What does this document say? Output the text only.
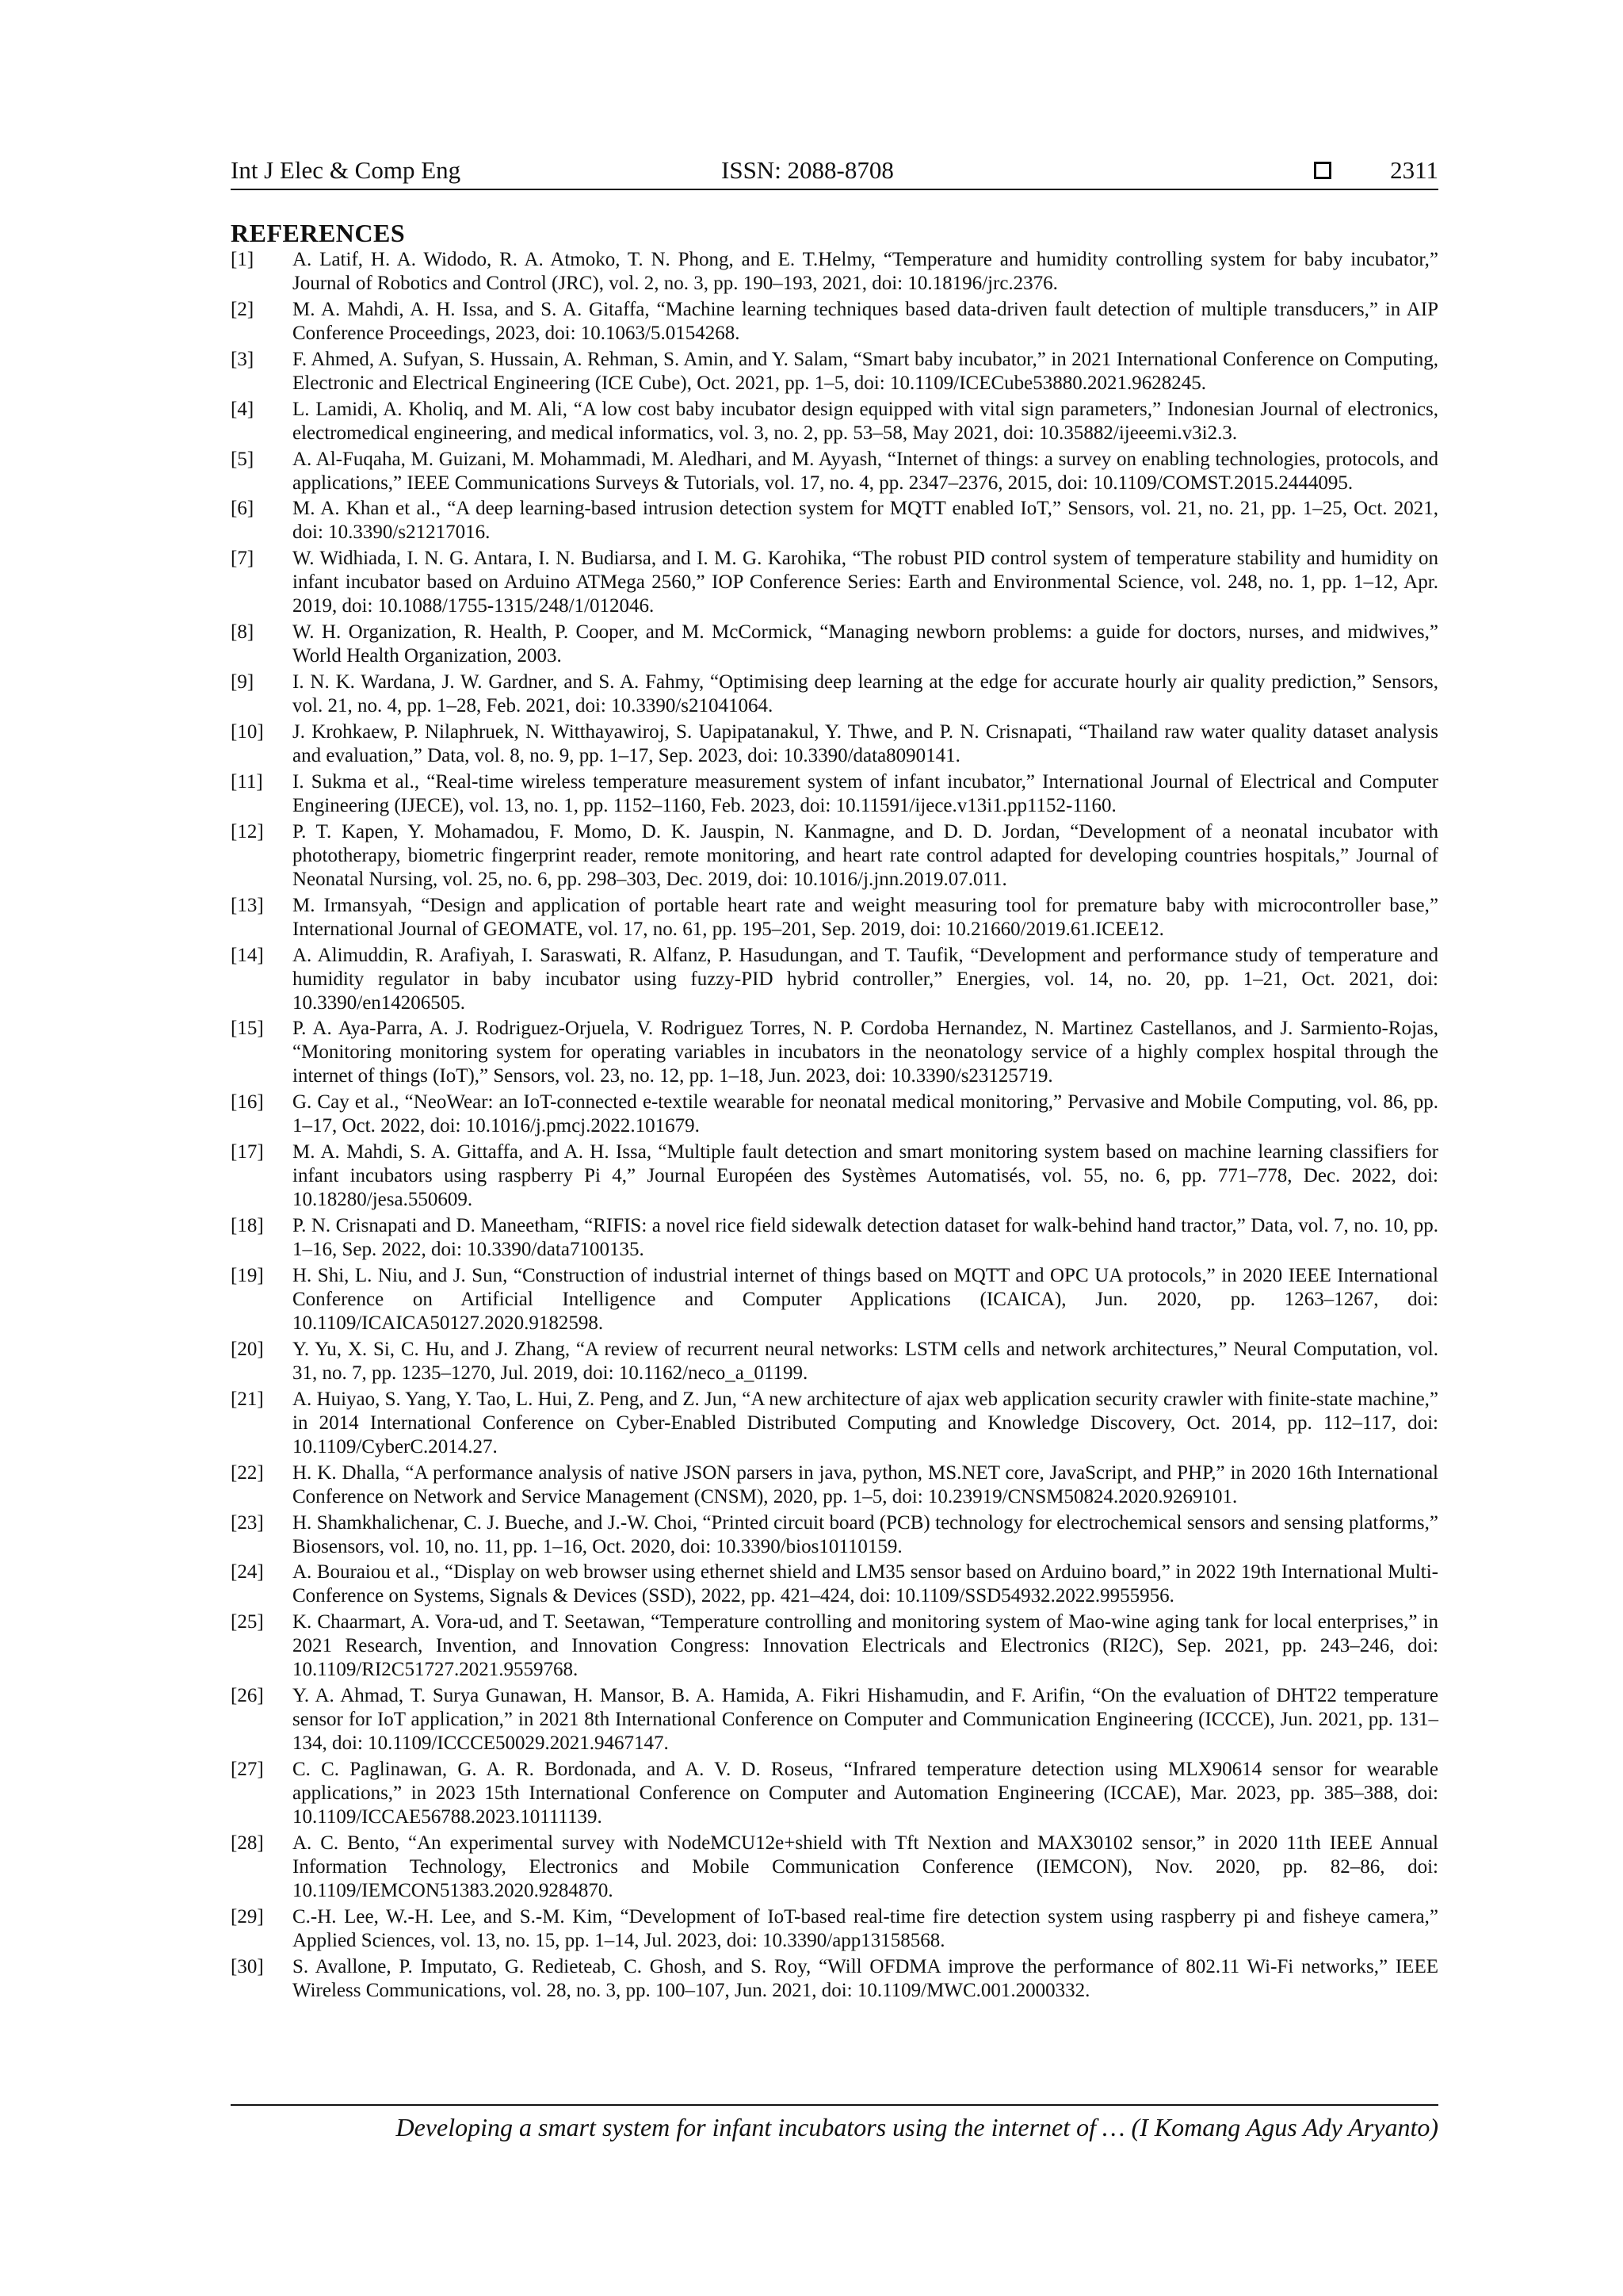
Int J Elec & Comp Eng	ISSN: 2088-8708	2311
REFERENCES
[1] A. Latif, H. A. Widodo, R. A. Atmoko, T. N. Phong, and E. T.Helmy, “Temperature and humidity controlling system for baby incubator,” Journal of Robotics and Control (JRC), vol. 2, no. 3, pp. 190–193, 2021, doi: 10.18196/jrc.2376.
[2] M. A. Mahdi, A. H. Issa, and S. A. Gitaffa, “Machine learning techniques based data-driven fault detection of multiple transducers,” in AIP Conference Proceedings, 2023, doi: 10.1063/5.0154268.
[3] F. Ahmed, A. Sufyan, S. Hussain, A. Rehman, S. Amin, and Y. Salam, “Smart baby incubator,” in 2021 International Conference on Computing, Electronic and Electrical Engineering (ICE Cube), Oct. 2021, pp. 1–5, doi: 10.1109/ICECube53880.2021.9628245.
[4] L. Lamidi, A. Kholiq, and M. Ali, “A low cost baby incubator design equipped with vital sign parameters,” Indonesian Journal of electronics, electromedical engineering, and medical informatics, vol. 3, no. 2, pp. 53–58, May 2021, doi: 10.35882/ijeeemi.v3i2.3.
[5] A. Al-Fuqaha, M. Guizani, M. Mohammadi, M. Aledhari, and M. Ayyash, “Internet of things: a survey on enabling technologies, protocols, and applications,” IEEE Communications Surveys & Tutorials, vol. 17, no. 4, pp. 2347–2376, 2015, doi: 10.1109/COMST.2015.2444095.
[6] M. A. Khan et al., “A deep learning-based intrusion detection system for MQTT enabled IoT,” Sensors, vol. 21, no. 21, pp. 1–25, Oct. 2021, doi: 10.3390/s21217016.
[7] W. Widhiada, I. N. G. Antara, I. N. Budiarsa, and I. M. G. Karohika, “The robust PID control system of temperature stability and humidity on infant incubator based on Arduino ATMega 2560,” IOP Conference Series: Earth and Environmental Science, vol. 248, no. 1, pp. 1–12, Apr. 2019, doi: 10.1088/1755-1315/248/1/012046.
[8] W. H. Organization, R. Health, P. Cooper, and M. McCormick, “Managing newborn problems: a guide for doctors, nurses, and midwives,” World Health Organization, 2003.
[9] I. N. K. Wardana, J. W. Gardner, and S. A. Fahmy, “Optimising deep learning at the edge for accurate hourly air quality prediction,” Sensors, vol. 21, no. 4, pp. 1–28, Feb. 2021, doi: 10.3390/s21041064.
[10] J. Krohkaew, P. Nilaphruek, N. Witthayawiroj, S. Uapipatanakul, Y. Thwe, and P. N. Crisnapati, “Thailand raw water quality dataset analysis and evaluation,” Data, vol. 8, no. 9, pp. 1–17, Sep. 2023, doi: 10.3390/data8090141.
[11] I. Sukma et al., “Real-time wireless temperature measurement system of infant incubator,” International Journal of Electrical and Computer Engineering (IJECE), vol. 13, no. 1, pp. 1152–1160, Feb. 2023, doi: 10.11591/ijece.v13i1.pp1152-1160.
[12] P. T. Kapen, Y. Mohamadou, F. Momo, D. K. Jauspin, N. Kanmagne, and D. D. Jordan, “Development of a neonatal incubator with phototherapy, biometric fingerprint reader, remote monitoring, and heart rate control adapted for developing countries hospitals,” Journal of Neonatal Nursing, vol. 25, no. 6, pp. 298–303, Dec. 2019, doi: 10.1016/j.jnn.2019.07.011.
[13] M. Irmansyah, “Design and application of portable heart rate and weight measuring tool for premature baby with microcontroller base,” International Journal of GEOMATE, vol. 17, no. 61, pp. 195–201, Sep. 2019, doi: 10.21660/2019.61.ICEE12.
[14] A. Alimuddin, R. Arafiyah, I. Saraswati, R. Alfanz, P. Hasudungan, and T. Taufik, “Development and performance study of temperature and humidity regulator in baby incubator using fuzzy-PID hybrid controller,” Energies, vol. 14, no. 20, pp. 1–21, Oct. 2021, doi: 10.3390/en14206505.
[15] P. A. Aya-Parra, A. J. Rodriguez-Orjuela, V. Rodriguez Torres, N. P. Cordoba Hernandez, N. Martinez Castellanos, and J. Sarmiento-Rojas, “Monitoring monitoring system for operating variables in incubators in the neonatology service of a highly complex hospital through the internet of things (IoT),” Sensors, vol. 23, no. 12, pp. 1–18, Jun. 2023, doi: 10.3390/s23125719.
[16] G. Cay et al., “NeoWear: an IoT-connected e-textile wearable for neonatal medical monitoring,” Pervasive and Mobile Computing, vol. 86, pp. 1–17, Oct. 2022, doi: 10.1016/j.pmcj.2022.101679.
[17] M. A. Mahdi, S. A. Gittaffa, and A. H. Issa, “Multiple fault detection and smart monitoring system based on machine learning classifiers for infant incubators using raspberry Pi 4,” Journal Européen des Systèmes Automatisés, vol. 55, no. 6, pp. 771–778, Dec. 2022, doi: 10.18280/jesa.550609.
[18] P. N. Crisnapati and D. Maneetham, “RIFIS: a novel rice field sidewalk detection dataset for walk-behind hand tractor,” Data, vol. 7, no. 10, pp. 1–16, Sep. 2022, doi: 10.3390/data7100135.
[19] H. Shi, L. Niu, and J. Sun, “Construction of industrial internet of things based on MQTT and OPC UA protocols,” in 2020 IEEE International Conference on Artificial Intelligence and Computer Applications (ICAICA), Jun. 2020, pp. 1263–1267, doi: 10.1109/ICAICA50127.2020.9182598.
[20] Y. Yu, X. Si, C. Hu, and J. Zhang, “A review of recurrent neural networks: LSTM cells and network architectures,” Neural Computation, vol. 31, no. 7, pp. 1235–1270, Jul. 2019, doi: 10.1162/neco_a_01199.
[21] A. Huiyao, S. Yang, Y. Tao, L. Hui, Z. Peng, and Z. Jun, “A new architecture of ajax web application security crawler with finite-state machine,” in 2014 International Conference on Cyber-Enabled Distributed Computing and Knowledge Discovery, Oct. 2014, pp. 112–117, doi: 10.1109/CyberC.2014.27.
[22] H. K. Dhalla, “A performance analysis of native JSON parsers in java, python, MS.NET core, JavaScript, and PHP,” in 2020 16th International Conference on Network and Service Management (CNSM), 2020, pp. 1–5, doi: 10.23919/CNSM50824.2020.9269101.
[23] H. Shamkhalichenar, C. J. Bueche, and J.-W. Choi, “Printed circuit board (PCB) technology for electrochemical sensors and sensing platforms,” Biosensors, vol. 10, no. 11, pp. 1–16, Oct. 2020, doi: 10.3390/bios10110159.
[24] A. Bouraiou et al., “Display on web browser using ethernet shield and LM35 sensor based on Arduino board,” in 2022 19th International Multi-Conference on Systems, Signals & Devices (SSD), 2022, pp. 421–424, doi: 10.1109/SSD54932.2022.9955956.
[25] K. Chaarmart, A. Vora-ud, and T. Seetawan, “Temperature controlling and monitoring system of Mao-wine aging tank for local enterprises,” in 2021 Research, Invention, and Innovation Congress: Innovation Electricals and Electronics (RI2C), Sep. 2021, pp. 243–246, doi: 10.1109/RI2C51727.2021.9559768.
[26] Y. A. Ahmad, T. Surya Gunawan, H. Mansor, B. A. Hamida, A. Fikri Hishamudin, and F. Arifin, “On the evaluation of DHT22 temperature sensor for IoT application,” in 2021 8th International Conference on Computer and Communication Engineering (ICCCE), Jun. 2021, pp. 131–134, doi: 10.1109/ICCCE50029.2021.9467147.
[27] C. C. Paglinawan, G. A. R. Bordonada, and A. V. D. Roseus, “Infrared temperature detection using MLX90614 sensor for wearable applications,” in 2023 15th International Conference on Computer and Automation Engineering (ICCAE), Mar. 2023, pp. 385–388, doi: 10.1109/ICCAE56788.2023.10111139.
[28] A. C. Bento, “An experimental survey with NodeMCU12e+shield with Tft Nextion and MAX30102 sensor,” in 2020 11th IEEE Annual Information Technology, Electronics and Mobile Communication Conference (IEMCON), Nov. 2020, pp. 82–86, doi: 10.1109/IEMCON51383.2020.9284870.
[29] C.-H. Lee, W.-H. Lee, and S.-M. Kim, “Development of IoT-based real-time fire detection system using raspberry pi and fisheye camera,” Applied Sciences, vol. 13, no. 15, pp. 1–14, Jul. 2023, doi: 10.3390/app13158568.
[30] S. Avallone, P. Imputato, G. Redieteab, C. Ghosh, and S. Roy, “Will OFDMA improve the performance of 802.11 Wi-Fi networks,” IEEE Wireless Communications, vol. 28, no. 3, pp. 100–107, Jun. 2021, doi: 10.1109/MWC.001.2000332.
Developing a smart system for infant incubators using the internet of … (I Komang Agus Ady Aryanto)
